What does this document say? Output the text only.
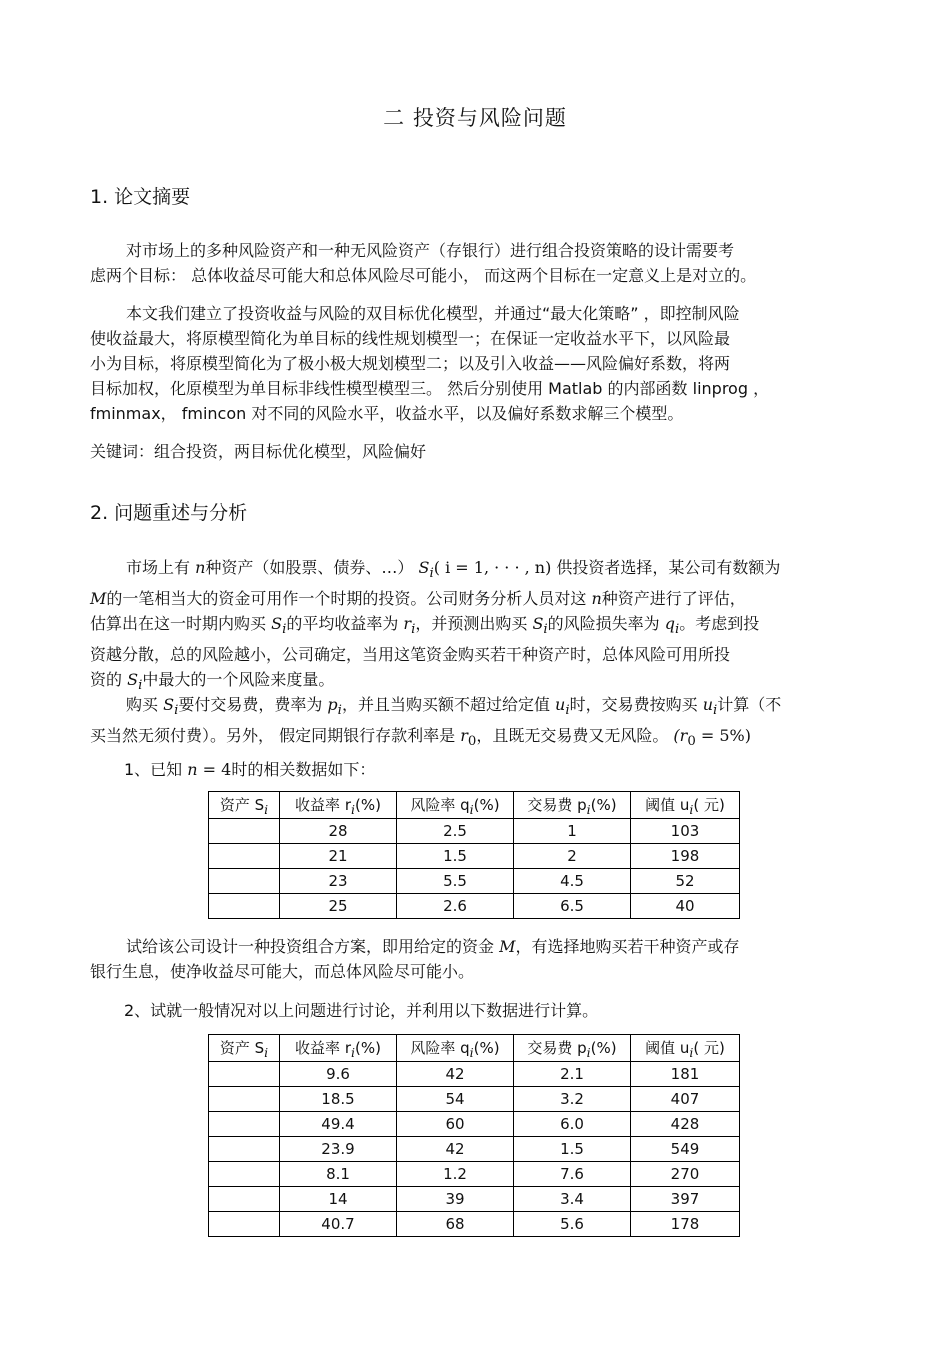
二 投资与风险问题
1. 论文摘要
对市场上的多种风险资产和一种无风险资产（存银行）进行组合投资策略的设计需要考
虑两个目标： 总体收益尽可能大和总体风险尽可能小， 而这两个目标在一定意义上是对立的。
本文我们建立了投资收益与风险的双目标优化模型，并通过“最大化策略” ，即控制风险
使收益最大，将原模型简化为单目标的线性规划模型一；在保证一定收益水平下，以风险最
小为目标，将原模型简化为了极小极大规划模型二；以及引入收益——风险偏好系数，将两
目标加权，化原模型为单目标非线性模型模型三。 然后分别使用 Matlab 的内部函数 linprog ，
fminmax， fmincon 对不同的风险水平，收益水平，以及偏好系数求解三个模型。
关键词：组合投资，两目标优化模型，风险偏好
2. 问题重述与分析
市场上有 n种资产（如股票、债券、…） $S_i$( i = 1, · · · , n) 供投资者选择，某公司有数额为
M的一笔相当大的资金可用作一个时期的投资。公司财务分析人员对这 n种资产进行了评估，
估算出在这一时期内购买 $S_i$的平均收益率为 $r_i$，并预测出购买 $S_i$的风险损失率为 $q_i$。考虑到投
资越分散，总的风险越小，公司确定，当用这笔资金购买若干种资产时，总体风险可用所投
资的 $S_i$中最大的一个风险来度量。
购买 $S_i$要付交易费，费率为 $p_i$，并且当购买额不超过给定值 $u_i$时，交易费按购买 $u_i$计算（不
买当然无须付费）。另外， 假定同期银行存款利率是 $r_0$，且既无交易费又无风险。 $(r_0 = 5\%)$
1、已知 n = 4时的相关数据如下：
资产 $S_i$	收益率 $r_i(\%)$	风险率 $q_i(\%)$	交易费 $p_i(\%)$	阈值 $u_i$( 元)
	28	2.5	1	103
	21	1.5	2	198
	23	5.5	4.5	52
	25	2.6	6.5	40
试给该公司设计一种投资组合方案，即用给定的资金 M，有选择地购买若干种资产或存
银行生息，使净收益尽可能大，而总体风险尽可能小。
2、试就一般情况对以上问题进行讨论，并利用以下数据进行计算。
资产 $S_i$	收益率 $r_i(\%)$	风险率 $q_i(\%)$	交易费 $p_i(\%)$	阈值 $u_i$( 元)
	9.6	42	2.1	181
	18.5	54	3.2	407
	49.4	60	6.0	428
	23.9	42	1.5	549
	8.1	1.2	7.6	270
	14	39	3.4	397
	40.7	68	5.6	178
